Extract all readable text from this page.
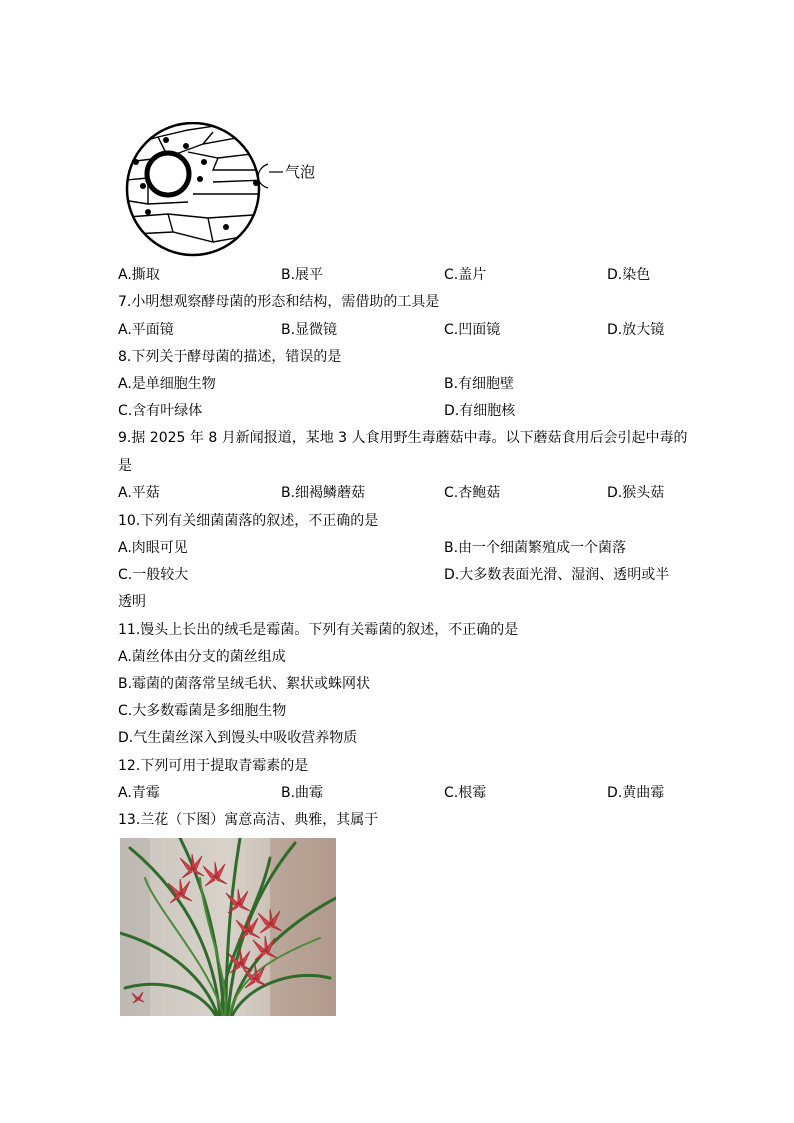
气泡
A.撕取	B.展平	C.盖片	D.染色
7.小明想观察酵母菌的形态和结构，需借助的工具是
A.平面镜	B.显微镜	C.凹面镜	D.放大镜
8.下列关于酵母菌的描述，错误的是
A.是单细胞生物	B.有细胞壁
C.含有叶绿体	D.有细胞核
9.据 2025 年 8 月新闻报道，某地 3 人食用野生毒蘑菇中毒。以下蘑菇食用后会引起中毒的
是
A.平菇	B.细褐鳞蘑菇	C.杏鲍菇	D.猴头菇
10.下列有关细菌菌落的叙述，不正确的是
A.肉眼可见	B.由一个细菌繁殖成一个菌落
C.一般较大	D.大多数表面光滑、湿润、透明或半
透明
11.馒头上长出的绒毛是霉菌。下列有关霉菌的叙述，不正确的是
A.菌丝体由分支的菌丝组成
B.霉菌的菌落常呈绒毛状、絮状或蛛网状
C.大多数霉菌是多细胞生物
D.气生菌丝深入到馒头中吸收营养物质
12.下列可用于提取青霉素的是
A.青霉	B.曲霉	C.根霉	D.黄曲霉
13.兰花（下图）寓意高洁、典雅，其属于
